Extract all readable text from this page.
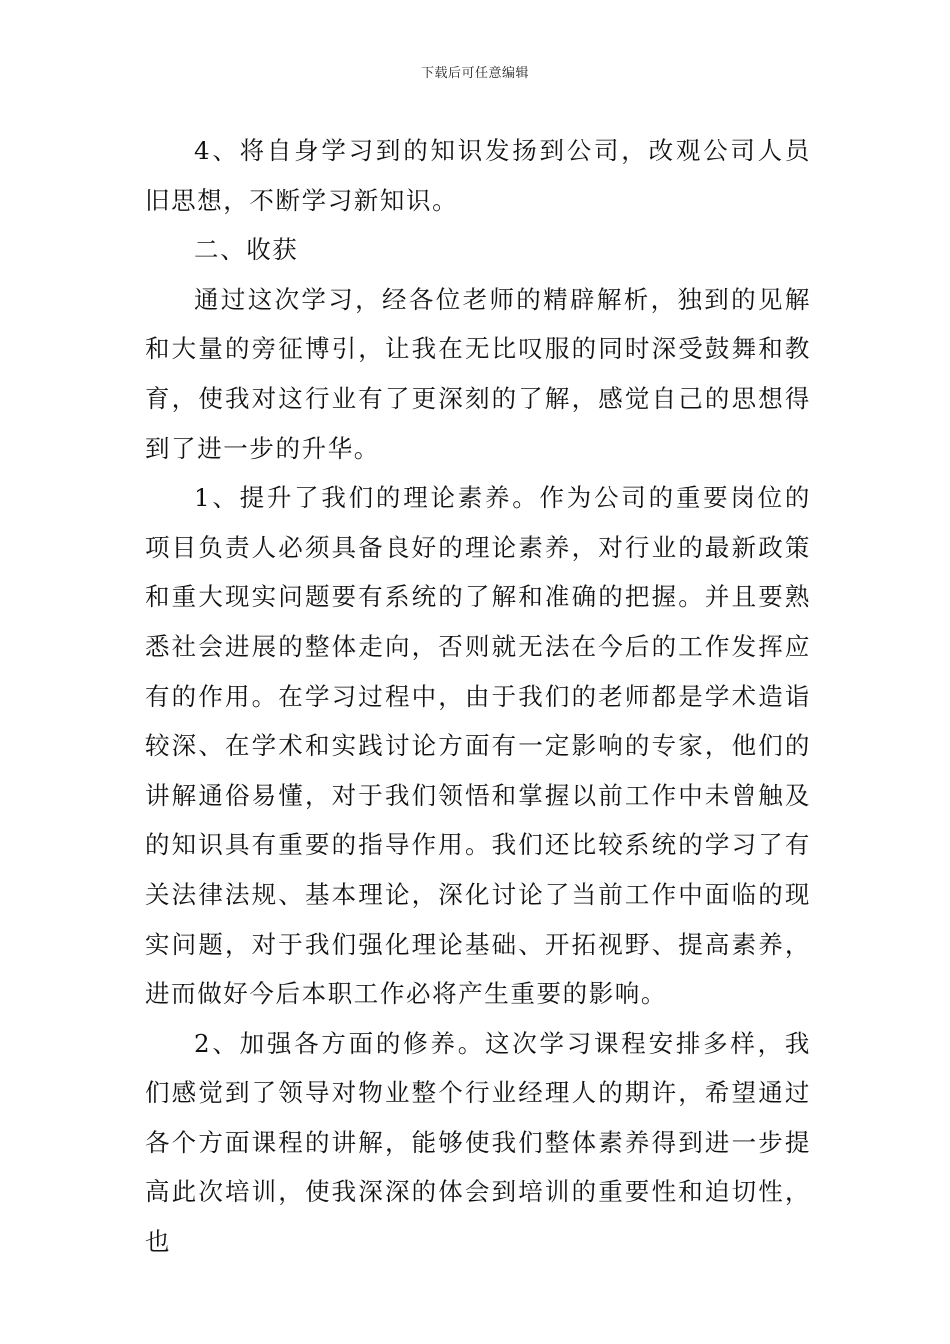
下载后可任意编辑

4、将自身学习到的知识发扬到公司，改观公司人员旧思想，不断学习新知识。

二、收获

通过这次学习，经各位老师的精辟解析，独到的见解和大量的旁征博引，让我在无比叹服的同时深受鼓舞和教育，使我对这行业有了更深刻的了解，感觉自己的思想得到了进一步的升华。

1、提升了我们的理论素养。作为公司的重要岗位的项目负责人必须具备良好的理论素养，对行业的最新政策和重大现实问题要有系统的了解和准确的把握。并且要熟悉社会进展的整体走向，否则就无法在今后的工作发挥应有的作用。在学习过程中，由于我们的老师都是学术造诣较深、在学术和实践讨论方面有一定影响的专家，他们的讲解通俗易懂，对于我们领悟和掌握以前工作中未曾触及的知识具有重要的指导作用。我们还比较系统的学习了有关法律法规、基本理论，深化讨论了当前工作中面临的现实问题，对于我们强化理论基础、开拓视野、提高素养，进而做好今后本职工作必将产生重要的影响。

2、加强各方面的修养。这次学习课程安排多样，我们感觉到了领导对物业整个行业经理人的期许，希望通过各个方面课程的讲解，能够使我们整体素养得到进一步提高此次培训，使我深深的体会到培训的重要性和迫切性，也
